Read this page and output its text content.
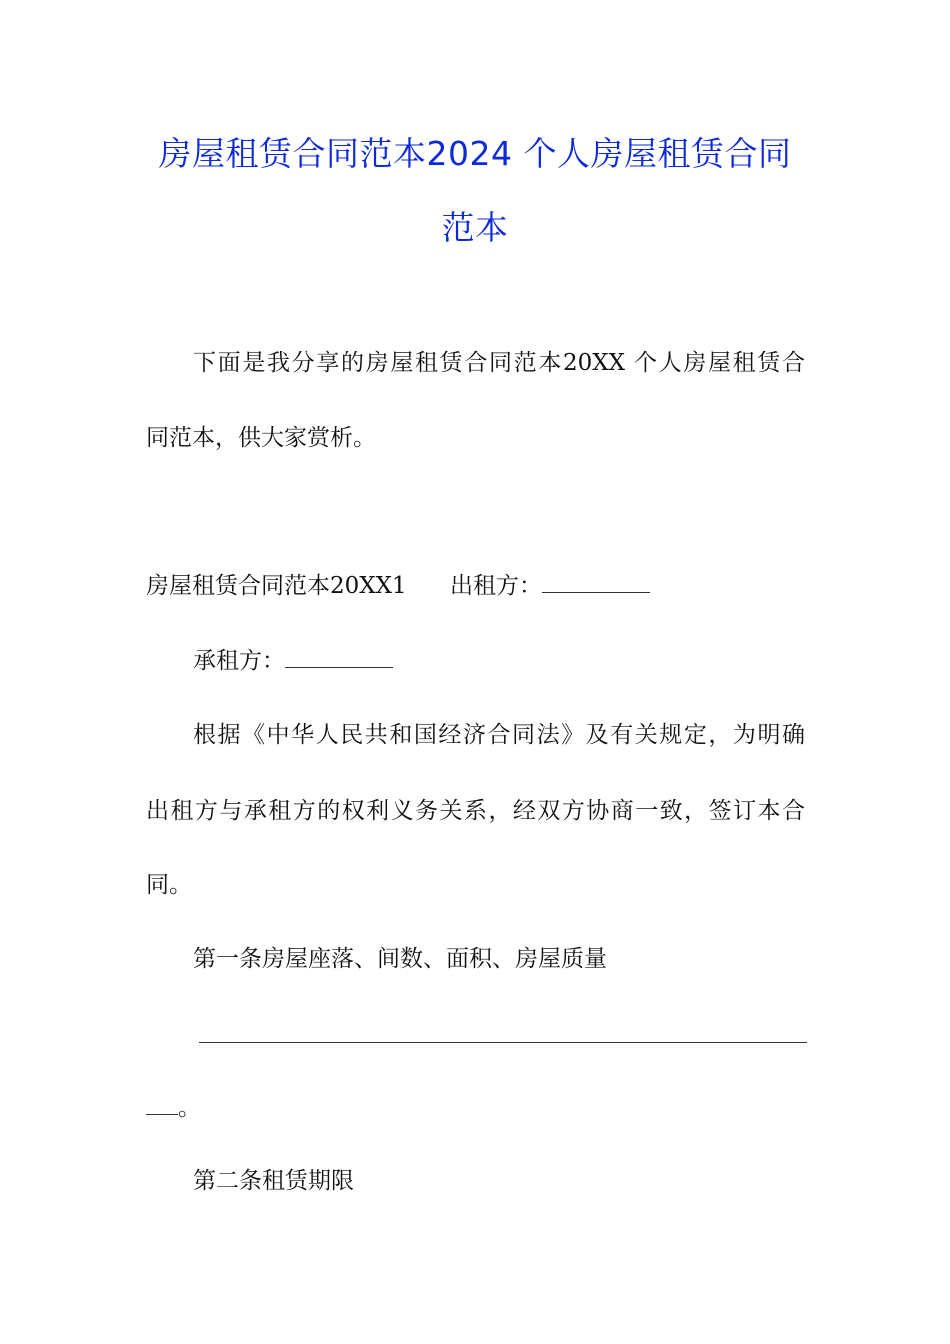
房屋租赁合同范本2024 个人房屋租赁合同
范本
下面是我分享的房屋租赁合同范本20XX 个人房屋租赁合
同范本，供大家赏析。
房屋租赁合同范本20XX1 出租方：
承租方：
根据《中华人民共和国经济合同法》及有关规定，为明确
出租方与承租方的权利义务关系，经双方协商一致，签订本合
同。
第一条房屋座落、间数、面积、房屋质量
。
第二条租赁期限
